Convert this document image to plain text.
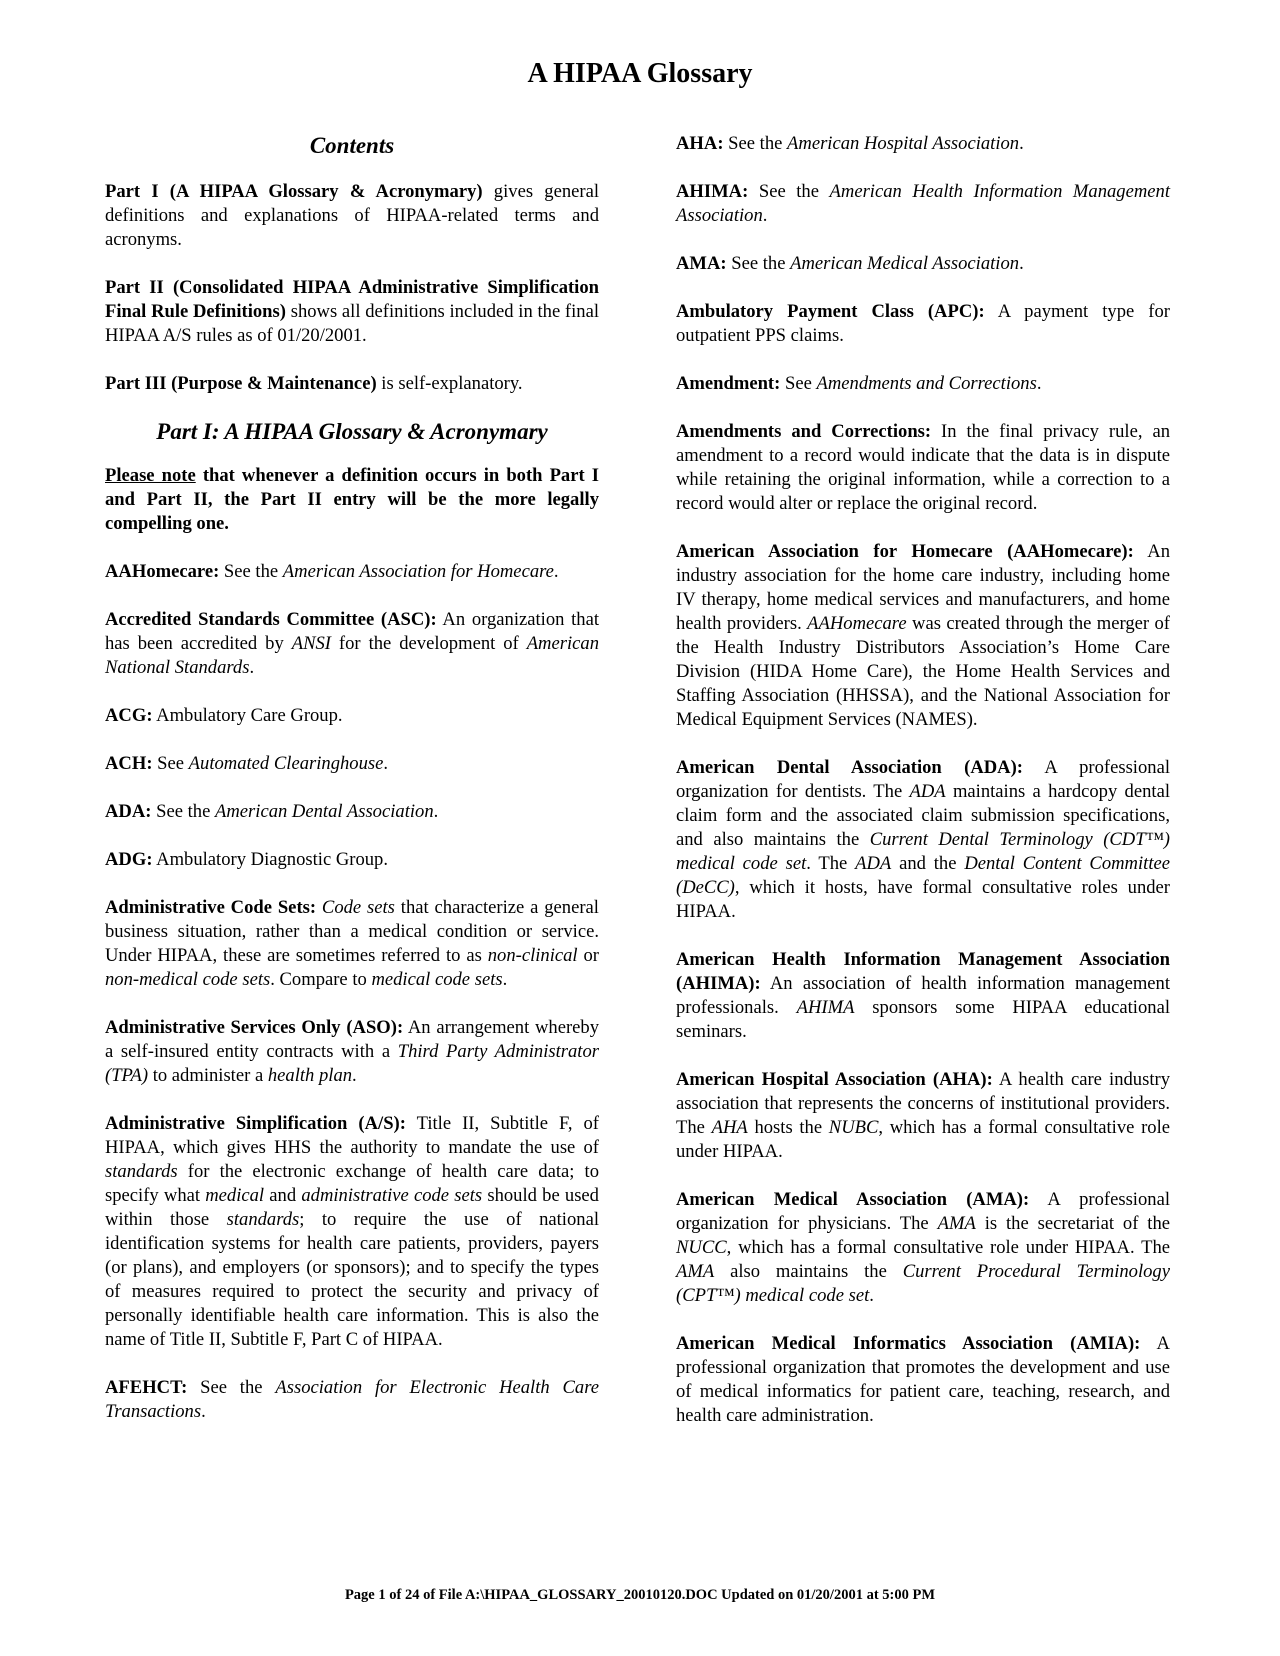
A HIPAA Glossary
Contents

Part I (A HIPAA Glossary & Acronymary) gives general definitions and explanations of HIPAA-related terms and acronyms.

Part II (Consolidated HIPAA Administrative Simplification Final Rule Definitions) shows all definitions included in the final HIPAA A/S rules as of 01/20/2001.

Part III (Purpose & Maintenance) is self-explanatory.

Part I: A HIPAA Glossary & Acronymary

Please note that whenever a definition occurs in both Part I and Part II, the Part II entry will be the more legally compelling one.

AAHomecare: See the American Association for Homecare.

Accredited Standards Committee (ASC): An organization that has been accredited by ANSI for the development of American National Standards.

ACG: Ambulatory Care Group.

ACH: See Automated Clearinghouse.

ADA: See the American Dental Association.

ADG: Ambulatory Diagnostic Group.

Administrative Code Sets: Code sets that characterize a general business situation, rather than a medical condition or service. Under HIPAA, these are sometimes referred to as non-clinical or non-medical code sets. Compare to medical code sets.

Administrative Services Only (ASO): An arrangement whereby a self-insured entity contracts with a Third Party Administrator (TPA) to administer a health plan.

Administrative Simplification (A/S): Title II, Subtitle F, of HIPAA, which gives HHS the authority to mandate the use of standards for the electronic exchange of health care data; to specify what medical and administrative code sets should be used within those standards; to require the use of national identification systems for health care patients, providers, payers (or plans), and employers (or sponsors); and to specify the types of measures required to protect the security and privacy of personally identifiable health care information. This is also the name of Title II, Subtitle F, Part C of HIPAA.

AFEHCT: See the Association for Electronic Health Care Transactions.

AHA: See the American Hospital Association.

AHIMA: See the American Health Information Management Association.

AMA: See the American Medical Association.

Ambulatory Payment Class (APC): A payment type for outpatient PPS claims.

Amendment: See Amendments and Corrections.

Amendments and Corrections: In the final privacy rule, an amendment to a record would indicate that the data is in dispute while retaining the original information, while a correction to a record would alter or replace the original record.

American Association for Homecare (AAHomecare): An industry association for the home care industry, including home IV therapy, home medical services and manufacturers, and home health providers. AAHomecare was created through the merger of the Health Industry Distributors Association’s Home Care Division (HIDA Home Care), the Home Health Services and Staffing Association (HHSSA), and the National Association for Medical Equipment Services (NAMES).

American Dental Association (ADA): A professional organization for dentists. The ADA maintains a hardcopy dental claim form and the associated claim submission specifications, and also maintains the Current Dental Terminology (CDT™) medical code set. The ADA and the Dental Content Committee (DeCC), which it hosts, have formal consultative roles under HIPAA.

American Health Information Management Association (AHIMA): An association of health information management professionals. AHIMA sponsors some HIPAA educational seminars.

American Hospital Association (AHA): A health care industry association that represents the concerns of institutional providers. The AHA hosts the NUBC, which has a formal consultative role under HIPAA.

American Medical Association (AMA): A professional organization for physicians. The AMA is the secretariat of the NUCC, which has a formal consultative role under HIPAA. The AMA also maintains the Current Procedural Terminology (CPT™) medical code set.

American Medical Informatics Association (AMIA): A professional organization that promotes the development and use of medical informatics for patient care, teaching, research, and health care administration.

Page 1 of 24 of File A:\HIPAA_GLOSSARY_20010120.DOC Updated on 01/20/2001 at 5:00 PM
